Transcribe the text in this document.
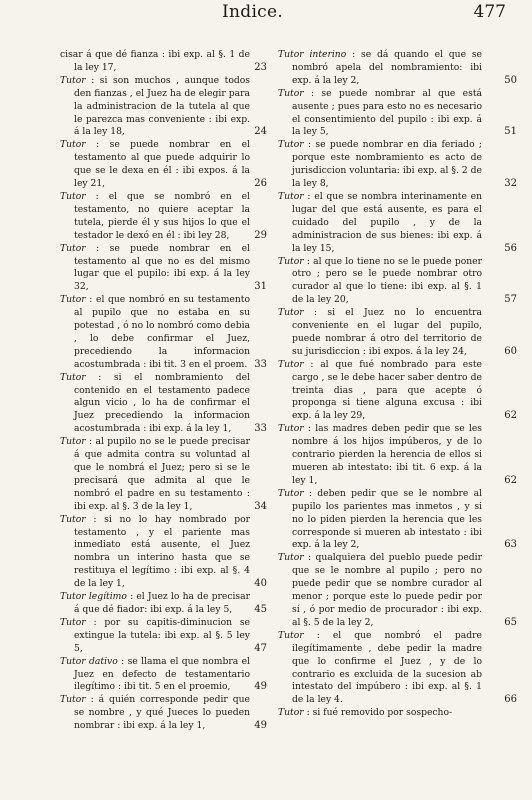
Indice.	477
cisar á que dé fianza : ibi exp. al §. 1 de la ley 17,	23
Tutor : si son muchos , aunque todos den fianzas , el Juez ha de elegir para la administracion de la tutela al que le parezca mas conveniente : ibi exp. á la ley 18,	24
Tutor : se puede nombrar en el testamento al que puede adquirir lo que se le dexa en él : ibi expos. á la ley 21,	26
Tutor : el que se nombró en el testamento, no quiere aceptar la tutela, pierde él y sus hijos lo que el testador le dexó en él : ibi ley 28,	29
Tutor : se puede nombrar en el testamento al que no es del mismo lugar que el pupilo: ibi exp. á la ley 32,	31
Tutor : el que nombró en su testamento al pupilo que no estaba en su potestad , ó no lo nombró como debia , lo debe confirmar el Juez, precediendo la informacion acostumbrada : ibi tit. 3 en el proem. 33
Tutor : si el nombramiento del contenido en el testamento padece algun vicio , lo ha de confirmar el Juez precediendo la informacion acostumbrada : ibi exp. á la ley 1,	33
Tutor : al pupilo no se le puede precisar á que admita contra su voluntad al que le nombrá el Juez; pero si se le precisará que admita al que le nombró el padre en su testamento : ibi exp. al §. 3 de la ley 1,	34
Tutor : si no lo hay nombrado por testamento , y el pariente mas inmediato está ausente, el Juez nombra un interino hasta que se restituya el legítimo : ibi exp. al §. 4 de la ley 1,	40
Tutor legítimo : el Juez lo ha de precisar á que dé fiador: ibi exp. á la ley 5,	45
Tutor : por su capitis-diminucion se extingue la tutela: ibi exp. al §. 5 ley 5,	47
Tutor dativo : se llama el que nombra el Juez en defecto de testamentario ilegítimo : ibi tit. 5 en el proemio,	49
Tutor : á quién corresponde pedir que se nombre , y qué Jueces lo pueden nombrar : ibi exp. á la ley 1,	49
Tutor interino : se dá quando el que se nombró apela del nombramiento: ibi exp. á la ley 2,	50
Tutor : se puede nombrar al que está ausente ; pues para esto no es necesario el consentimiento del pupilo : ibi exp. á la ley 5,	51
Tutor : se puede nombrar en dia feriado ; porque este nombramiento es acto de jurisdiccion voluntaria: ibi exp. al §. 2 de la ley 8,	32
Tutor : el que se nombra interinamente en lugar del que está ausente, es para el cuidado del pupilo , y de la administracion de sus bienes: ibi exp. á la ley 15,	56
Tutor : al que lo tiene no se le puede poner otro ; pero se le puede nombrar otro curador al que lo tiene: ibi exp. al §. 1 de la ley 20,	57
Tutor : si el Juez no lo encuentra conveniente en el lugar del pupilo, puede nombrar á otro del territorio de su jurisdiccion : ibi expos. á la ley 24,	60
Tutor : al que fué nombrado para este cargo , se le debe hacer saber dentro de treinta dias , para que acepte ó proponga si tiene alguna excusa : ibi exp. á la ley 29,	62
Tutor : las madres deben pedir que se les nombre á los hijos impúberos, y de lo contrario pierden la herencia de ellos si mueren ab intestato: ibi tit. 6 exp. á la ley 1,	62
Tutor : deben pedir que se le nombre al pupilo los parientes mas inmetos , y si no lo piden pierden la herencia que les corresponde si mueren ab intestato : ibi exp. á la ley 2,	63
Tutor : qualquiera del pueblo puede pedir que se le nombre al pupilo ; pero no puede pedir que se nombre curador al menor ; porque este lo puede pedir por sí , ó por medio de procurador : ibi exp. al §. 5 de la ley 2,	65
Tutor : el que nombró el padre ilegítimamente , debe pedir la madre que lo confirme el Juez , y de lo contrario es excluida de la sucesion ab intestato del impúbero : ibi exp. al §. 1 de la ley 4.	66
Tutor : si fué removido por sospecho-
